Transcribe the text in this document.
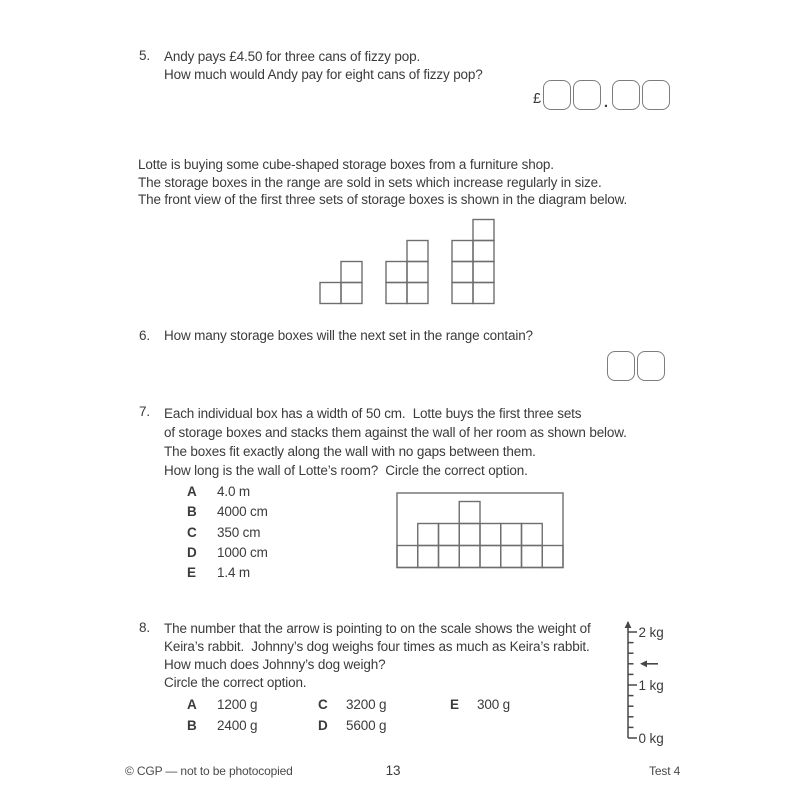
5. Andy pays £4.50 for three cans of fizzy pop.
How much would Andy pay for eight cans of fizzy pop?
£	.
Lotte is buying some cube-shaped storage boxes from a furniture shop.
The storage boxes in the range are sold in sets which increase regularly in size.
The front view of the first three sets of storage boxes is shown in the diagram below.
6. How many storage boxes will the next set in the range contain?
7. Each individual box has a width of 50 cm.  Lotte buys the first three sets
of storage boxes and stacks them against the wall of her room as shown below.
The boxes fit exactly along the wall with no gaps between them.
How long is the wall of Lotte’s room?  Circle the correct option.
A	4.0 m
B	4000 cm
C	350 cm
D	1000 cm
E	1.4 m
8. The number that the arrow is pointing to on the scale shows the weight of
Keira’s rabbit.  Johnny’s dog weighs four times as much as Keira’s rabbit.
How much does Johnny’s dog weigh?
Circle the correct option.
A 1200 g	C 3200 g	E 300 g
B 2400 g	D 5600 g
2 kg
1 kg
0 kg
© CGP — not to be photocopied	13	Test 4
